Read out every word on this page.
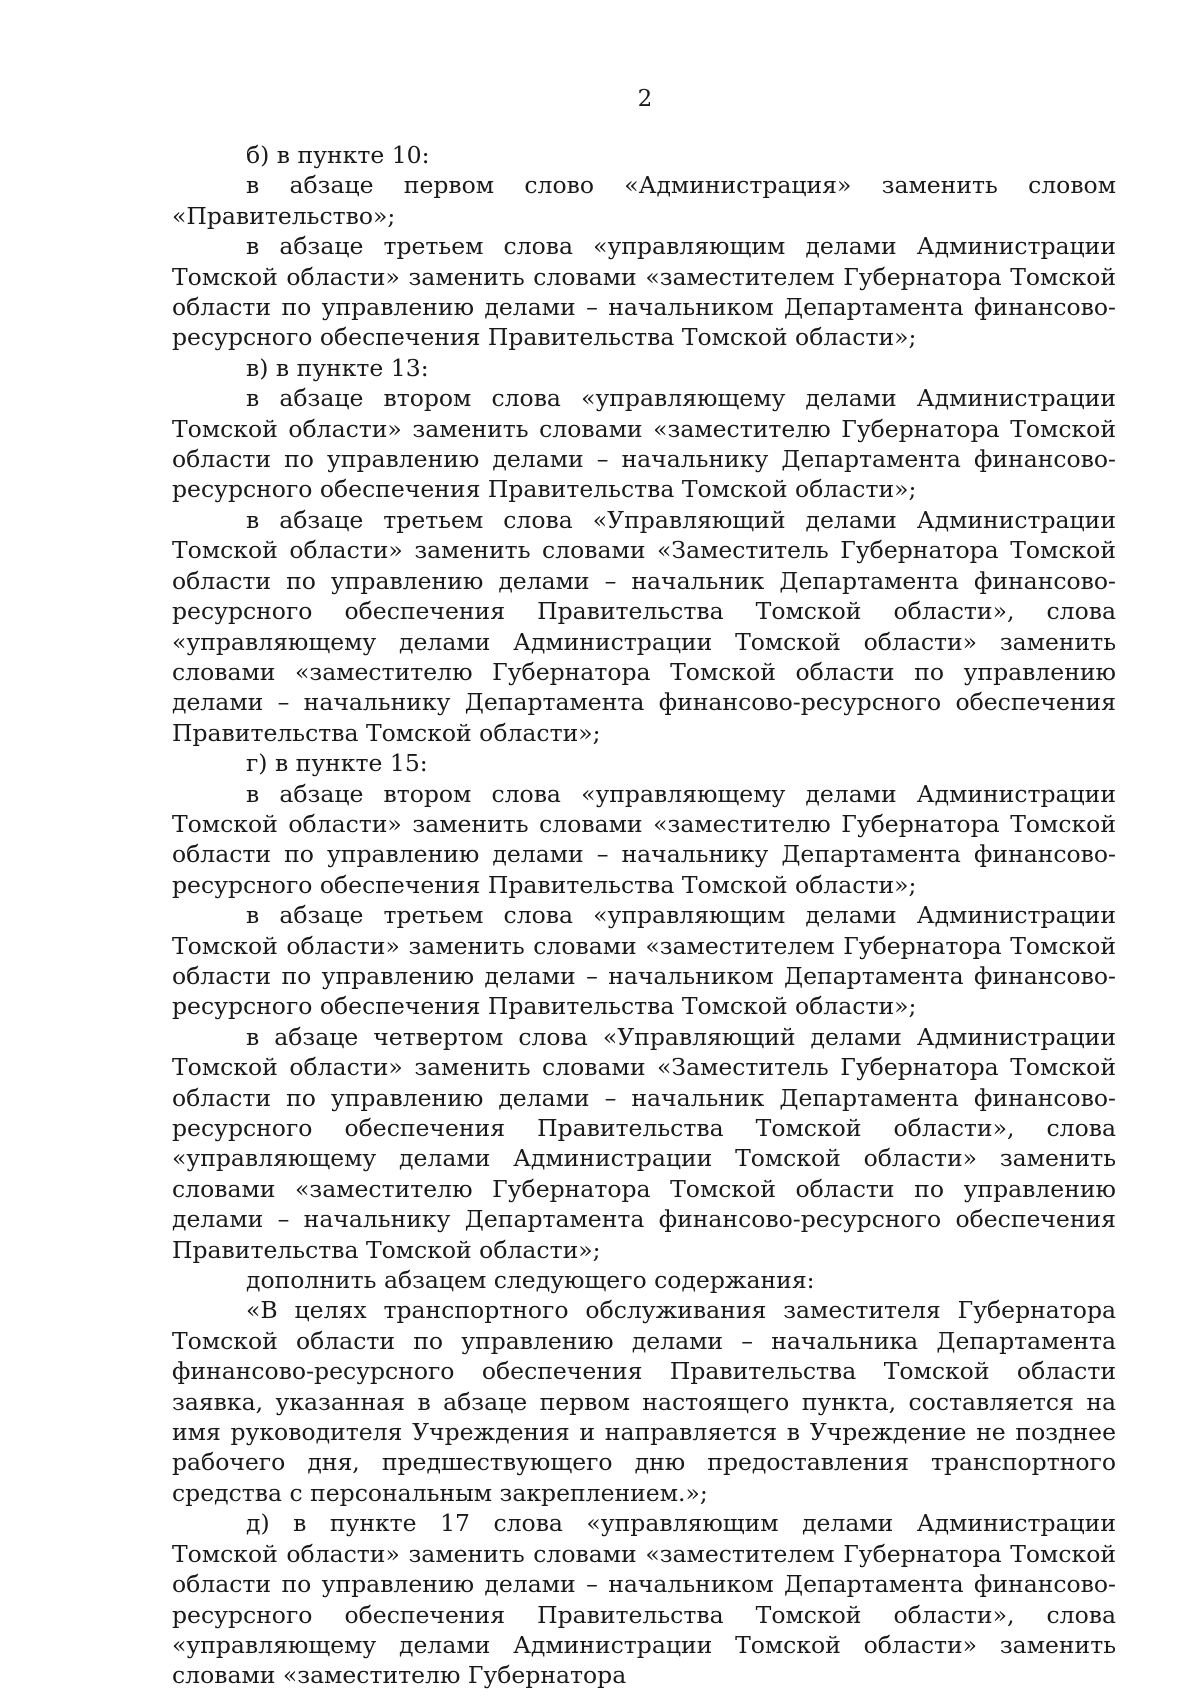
2

б) в пункте 10:

в абзаце первом слово «Администрация» заменить словом «Правительство»;

в абзаце третьем слова «управляющим делами Администрации Томской области» заменить словами «заместителем Губернатора Томской области по управлению делами – начальником Департамента финансово-ресурсного обеспечения Правительства Томской области»;

в) в пункте 13:

в абзаце втором слова «управляющему делами Администрации Томской области» заменить словами «заместителю Губернатора Томской области по управлению делами – начальнику Департамента финансово-ресурсного обеспечения Правительства Томской области»;

в абзаце третьем слова «Управляющий делами Администрации Томской области» заменить словами «Заместитель Губернатора Томской области по управлению делами – начальник Департамента финансово-ресурсного обеспечения Правительства Томской области», слова «управляющему делами Администрации Томской области» заменить словами «заместителю Губернатора Томской области по управлению делами – начальнику Департамента финансово-ресурсного обеспечения Правительства Томской области»;

г) в пункте 15:

в абзаце втором слова «управляющему делами Администрации Томской области» заменить словами «заместителю Губернатора Томской области по управлению делами – начальнику Департамента финансово-ресурсного обеспечения Правительства Томской области»;

в абзаце третьем слова «управляющим делами Администрации Томской области» заменить словами «заместителем Губернатора Томской области по управлению делами – начальником Департамента финансово-ресурсного обеспечения Правительства Томской области»;

в абзаце четвертом слова «Управляющий делами Администрации Томской области» заменить словами «Заместитель Губернатора Томской области по управлению делами – начальник Департамента финансово-ресурсного обеспечения Правительства Томской области», слова «управляющему делами Администрации Томской области» заменить словами «заместителю Губернатора Томской области по управлению делами – начальнику Департамента финансово-ресурсного обеспечения Правительства Томской области»;

дополнить абзацем следующего содержания:

«В целях транспортного обслуживания заместителя Губернатора Томской области по управлению делами – начальника Департамента финансово-ресурсного обеспечения Правительства Томской области заявка, указанная в абзаце первом настоящего пункта, составляется на имя руководителя Учреждения и направляется в Учреждение не позднее рабочего дня, предшествующего дню предоставления транспортного средства с персональным закреплением.»;

д) в пункте 17 слова «управляющим делами Администрации Томской области» заменить словами «заместителем Губернатора Томской области по управлению делами – начальником Департамента финансово-ресурсного обеспечения Правительства Томской области», слова «управляющему делами Администрации Томской области» заменить словами «заместителю Губернатора
